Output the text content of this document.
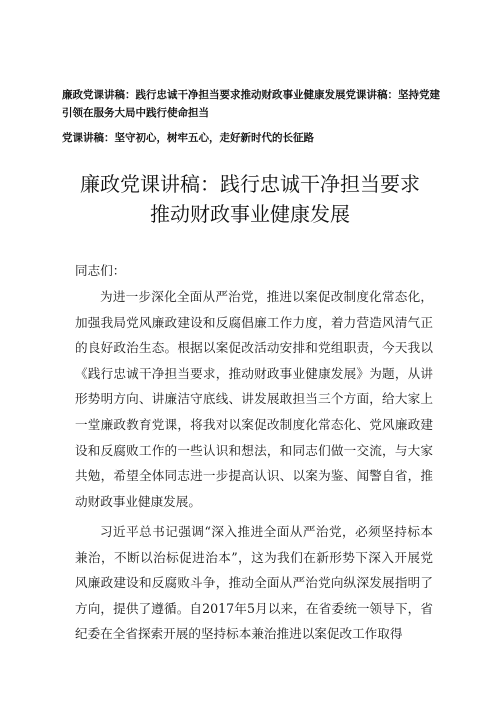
廉政党课讲稿：践行忠诚干净担当要求推动财政事业健康发展党课讲稿：坚持党建引领在服务大局中践行使命担当
党课讲稿：坚守初心，树牢五心，走好新时代的长征路
廉政党课讲稿：践行忠诚干净担当要求
推动财政事业健康发展
同志们：
为进一步深化全面从严治党，推进以案促改制度化常态化，加强我局党风廉政建设和反腐倡廉工作力度，着力营造风清气正的良好政治生态。根据以案促改活动安排和党组职责，今天我以《践行忠诚干净担当要求，推动财政事业健康发展》为题，从讲形势明方向、讲廉洁守底线、讲发展敢担当三个方面，给大家上一堂廉政教育党课，将我对以案促改制度化常态化、党风廉政建设和反腐败工作的一些认识和想法，和同志们做一交流，与大家共勉，希望全体同志进一步提高认识、以案为鉴、闻警自省，推动财政事业健康发展。
习近平总书记强调“深入推进全面从严治党，必须坚持标本兼治，不断以治标促进治本”，这为我们在新形势下深入开展党风廉政建设和反腐败斗争，推动全面从严治党向纵深发展指明了方向，提供了遵循。自2017年5月以来，在省委统一领导下，省纪委在全省探索开展的坚持标本兼治推进以案促改工作取得
